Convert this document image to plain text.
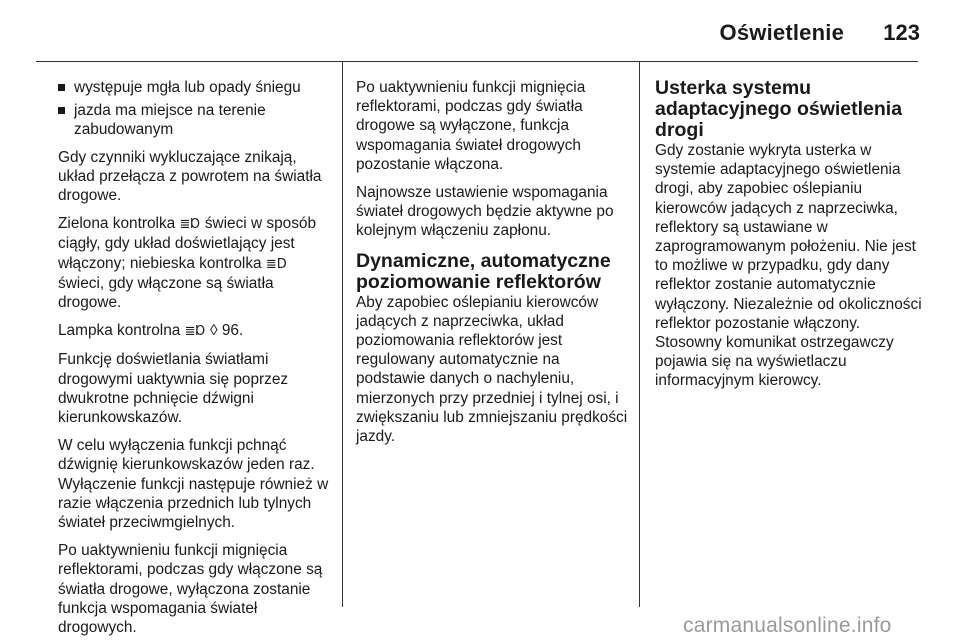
Oświetlenie 123
występuje mgła lub opady śniegu
jazda ma miejsce na terenie zabudowanym

Gdy czynniki wykluczające znikają, układ przełącza z powrotem na światła drogowe.

Zielona kontrolka ≣Ɒ świeci w sposób ciągły, gdy układ doświetlający jest włączony; niebieska kontrolka ≣D świeci, gdy włączone są światła drogowe.

Lampka kontrolna ≣Ɒ ◊ 96.

Funkcję doświetlania światłami drogowymi uaktywnia się poprzez dwukrotne pchnięcie dźwigni kierunkowskazów.

W celu wyłączenia funkcji pchnąć dźwignię kierunkowskazów jeden raz. Wyłączenie funkcji następuje również w razie włączenia przednich lub tylnych świateł przeciwmgielnych.

Po uaktywnieniu funkcji mignięcia reflektorami, podczas gdy włączone są światła drogowe, wyłączona zostanie funkcja wspomagania świateł drogowych.

Po uaktywnieniu funkcji mignięcia reflektorami, podczas gdy światła drogowe są wyłączone, funkcja wspomagania świateł drogowych pozostanie włączona.

Najnowsze ustawienie wspomagania świateł drogowych będzie aktywne po kolejnym włączeniu zapłonu.

Dynamiczne, automatyczne poziomowanie reflektorów

Aby zapobiec oślepianiu kierowców jadących z naprzeciwka, układ poziomowania reflektorów jest regulowany automatycznie na podstawie danych o nachyleniu, mierzonych przy przedniej i tylnej osi, i zwiększaniu lub zmniejszaniu prędkości jazdy.

Usterka systemu adaptacyjnego oświetlenia drogi

Gdy zostanie wykryta usterka w systemie adaptacyjnego oświetlenia drogi, aby zapobiec oślepianiu kierowców jadących z naprzeciwka, reflektory są ustawiane w zaprogramowanym położeniu. Nie jest to możliwe w przypadku, gdy dany reflektor zostanie automatycznie wyłączony. Niezależnie od okoliczności reflektor pozostanie włączony. Stosowny komunikat ostrzegawczy pojawia się na wyświetlaczu informacyjnym kierowcy.

carmanualsonline.info
